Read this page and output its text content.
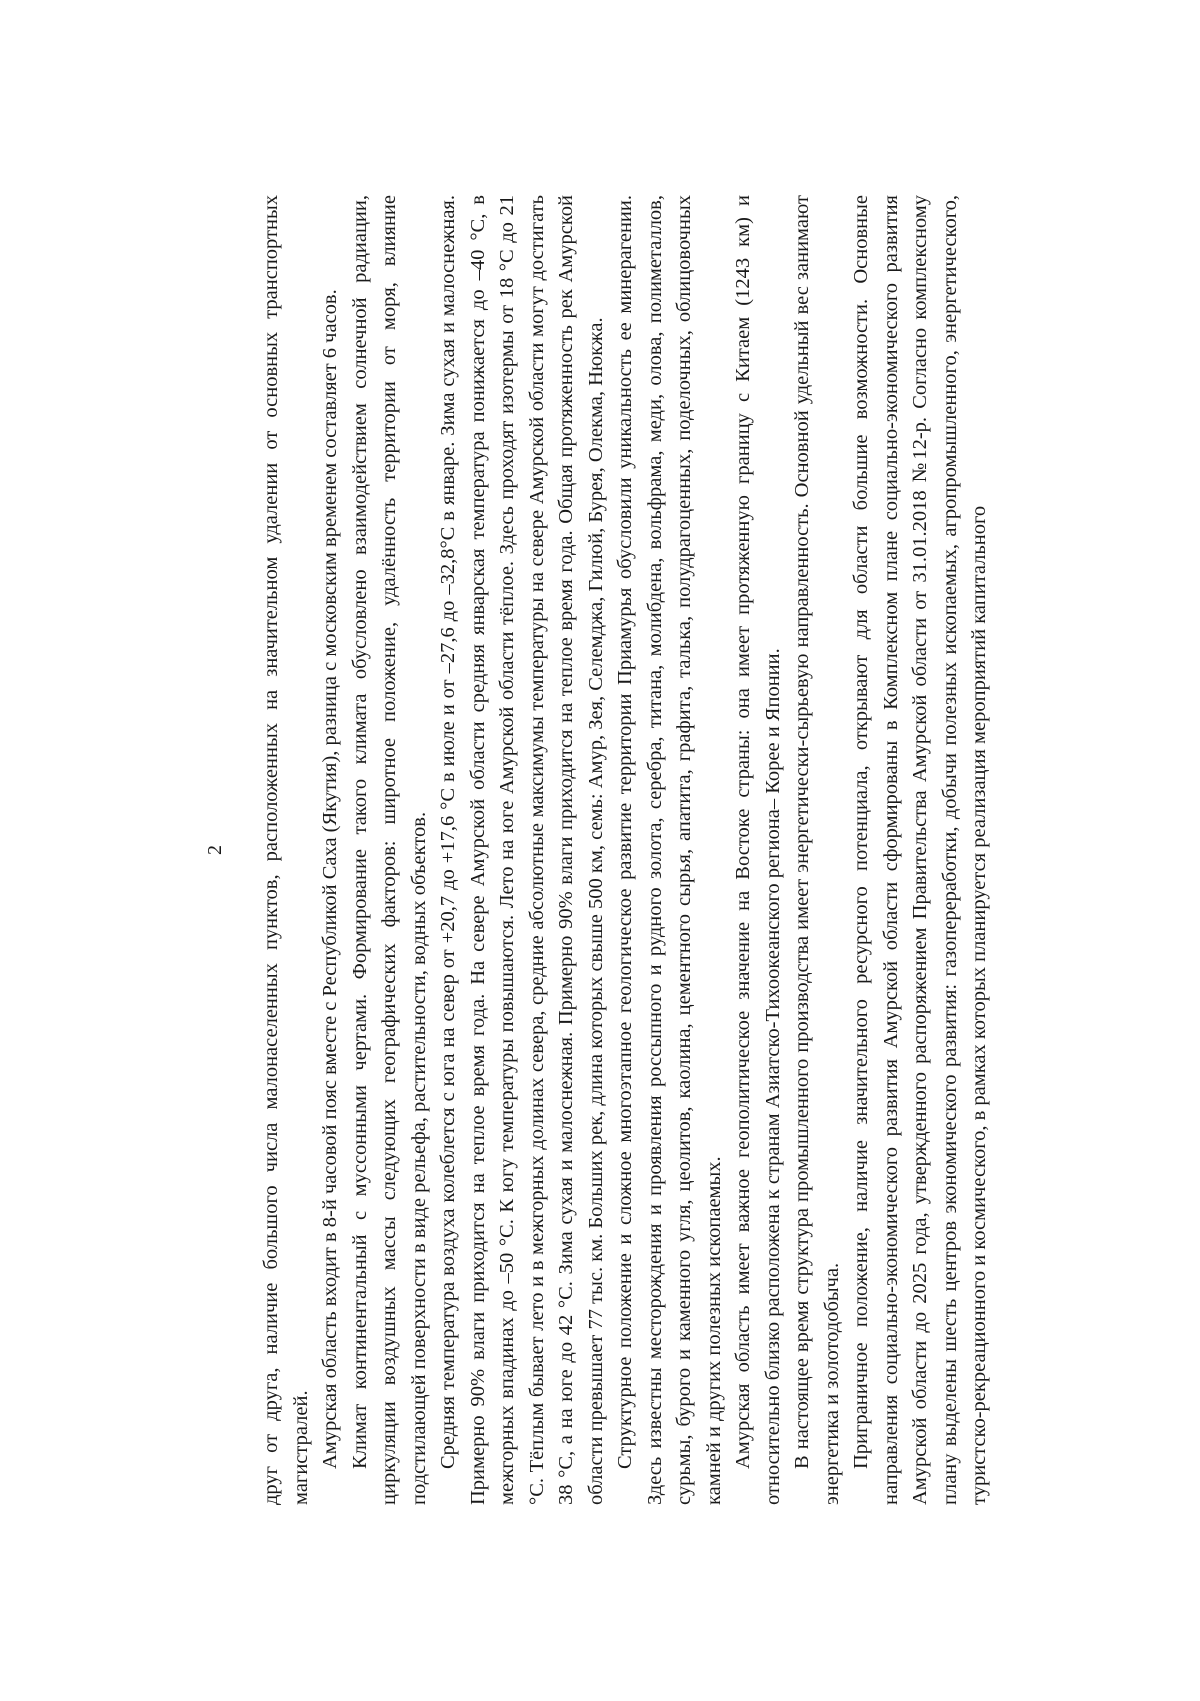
2 друг от друга, наличие большого числа малонаселенных пунктов, расположенных на значительном удалении от основных транспортных магистралей. Амурская область входит в 8-й часовой пояс вместе с Республикой Саха (Якутия), разница с московским временем составляет 6 часов. Климат континентальный с муссонными чертами. Формирование такого климата обусловлено взаимодействием солнечной радиации, циркуляции воздушных массы следующих географических факторов: широтное положение, удалённость территории от моря, влияние подстилающей поверхности в виде рельефа, растительности, водных объектов. Средняя температура воздуха колеблется с юга на север от +20,7 до +17,6 °С в июле и от –27,6 до –32,8°С в январе. Зима сухая и малоснежная. Примерно 90% влаги приходится на теплое время года. На севере Амурской области средняя январская температура понижается до –40 °С, в межгорных впадинах до –50 °С. К югу температуры повышаются. Лето на юге Амурской области тёплое. Здесь проходят изотермы от 18 °С до 21 °С. Тёплым бывает лето и в межгорных долинах севера, средние абсолютные максимумы температуры на севере Амурской области могут достигать 38 °С, а на юге до 42 °С. Зима сухая и малоснежная. Примерно 90% влаги приходится на теплое время года. Общая протяженность рек Амурской области превышает 77 тыс. км. Больших рек, длина которых свыше 500 км, семь: Амур, Зея, Селемджа, Гилюй, Бурея, Олекма, Нюкжа. Структурное положение и сложное многоэтапное геологическое развитие территории Приамурья обусловили уникальность ее минерагении. Здесь известны месторождения и проявления россыпного и рудного золота, серебра, титана, молибдена, вольфрама, меди, олова, полиметаллов, сурьмы, бурого и каменного угля, цеолитов, каолина, цементного сырья, апатита, графита, талька, полудрагоценных, поделочных, облицовочных камней и других полезных ископаемых. Амурская область имеет важное геополитическое значение на Востоке страны: она имеет протяженную границу с Китаем (1243 км) и относительно близко расположена к странам Азиатско-Тихоокеанского региона– Корее и Японии. В настоящее время структура промышленного производства имеет энергетически-сырьевую направленность. Основной удельный вес занимают энергетика и золотодобыча. Приграничное положение, наличие значительного ресурсного потенциала, открывают для области большие возможности. Основные направления социально-экономического развития Амурской области сформированы в Комплексном плане социально-экономического развития Амурской области до 2025 года, утвержденного распоряжением Правительства Амурской области от 31.01.2018 №12-р. Согласно комплексному плану выделены шесть центров экономического развития: газопереработки, добычи полезных ископаемых, агропромышленного, энергетического, туристско-рекреационного и космического, в рамках которых планируется реализация мероприятий капитального
